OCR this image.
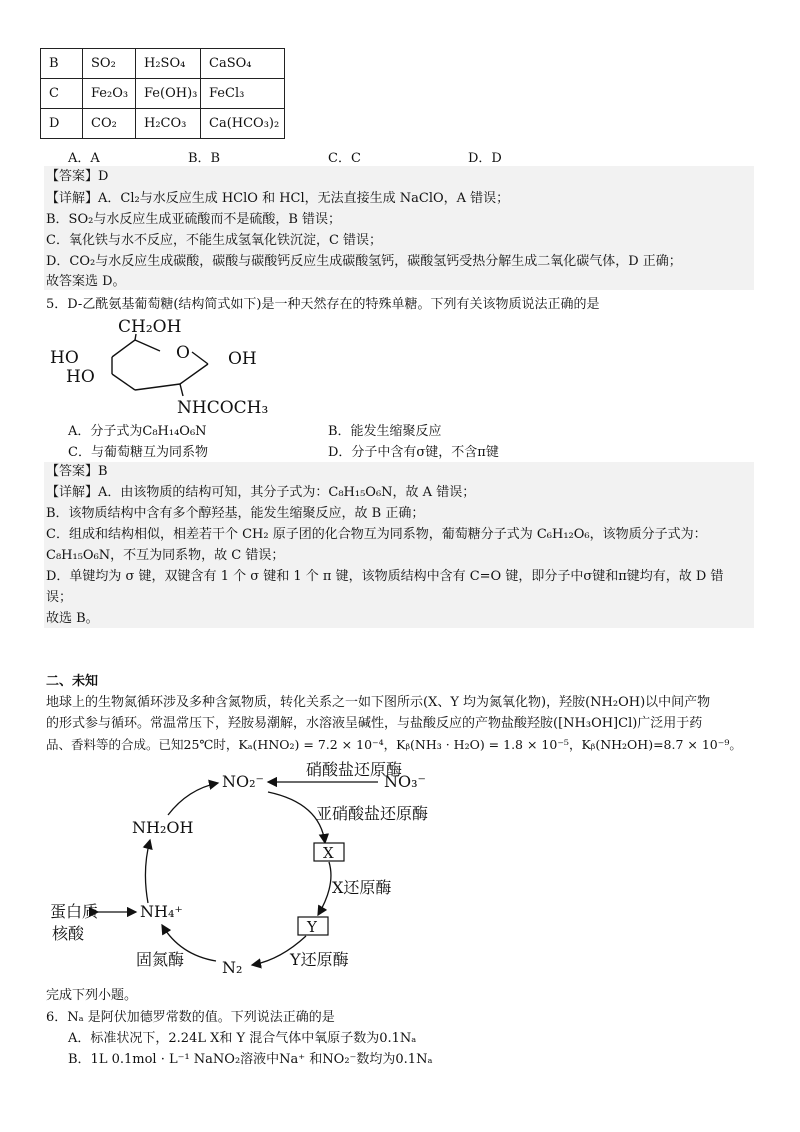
B	SO₂	H₂SO₄	CaSO₄
C	Fe₂O₃	Fe(OH)₃	FeCl₃
D	CO₂	H₂CO₃	Ca(HCO₃)₂
A．A	B．B	C．C	D．D
【答案】D
【详解】A．Cl₂与水反应生成 HClO 和 HCl，无法直接生成 NaClO，A 错误；
B．SO₂与水反应生成亚硫酸而不是硫酸，B 错误；
C．氧化铁与水不反应，不能生成氢氧化铁沉淀，C 错误；
D．CO₂与水反应生成碳酸，碳酸与碳酸钙反应生成碳酸氢钙，碳酸氢钙受热分解生成二氧化碳气体，D 正确；
故答案选 D。
5．D-乙酰氨基葡萄糖(结构简式如下)是一种天然存在的特殊单糖。下列有关该物质说法正确的是
CH₂OH
O
HO
HO
OH
NHCOCH₃
A．分子式为C₈H₁₄O₆N	B．能发生缩聚反应
C．与葡萄糖互为同系物	D．分子中含有σ键，不含π键
【答案】B
【详解】A．由该物质的结构可知，其分子式为：C₈H₁₅O₆N，故 A 错误；
B．该物质结构中含有多个醇羟基，能发生缩聚反应，故 B 正确；
C．组成和结构相似，相差若干个 CH₂ 原子团的化合物互为同系物，葡萄糖分子式为 C₆H₁₂O₆，该物质分子式为：
C₈H₁₅O₆N，不互为同系物，故 C 错误；
D．单键均为 σ 键，双键含有 1 个 σ 键和 1 个 π 键，该物质结构中含有 C=O 键，即分子中σ键和π键均有，故 D 错
误；
故选 B。
二、未知
地球上的生物氮循环涉及多种含氮物质，转化关系之一如下图所示(X、Y 均为氮氧化物)，羟胺(NH₂OH)以中间产物
的形式参与循环。常温常压下，羟胺易潮解，水溶液呈碱性，与盐酸反应的产物盐酸羟胺([NH₃OH]Cl)广泛用于药
品、香料等的合成。已知25℃时，Kₐ(HNO₂) = 7.2 × 10⁻⁴，Kᵦ(NH₃ · H₂O) = 1.8 × 10⁻⁵，Kᵦ(NH₂OH)=8.7 × 10⁻⁹。
硝酸盐还原酶
NO₃⁻
NO₂⁻
亚硝酸盐还原酶
X
X还原酶
Y
Y还原酶
N₂
固氮酶
NH₄⁺
NH₂OH
蛋白质
核酸
完成下列小题。
6．Nₐ 是阿伏加德罗常数的值。下列说法正确的是
A．标准状况下，2.24L X和 Y 混合气体中氧原子数为0.1Nₐ
B．1L 0.1mol · L⁻¹ NaNO₂溶液中Na⁺ 和NO₂⁻数均为0.1Nₐ
